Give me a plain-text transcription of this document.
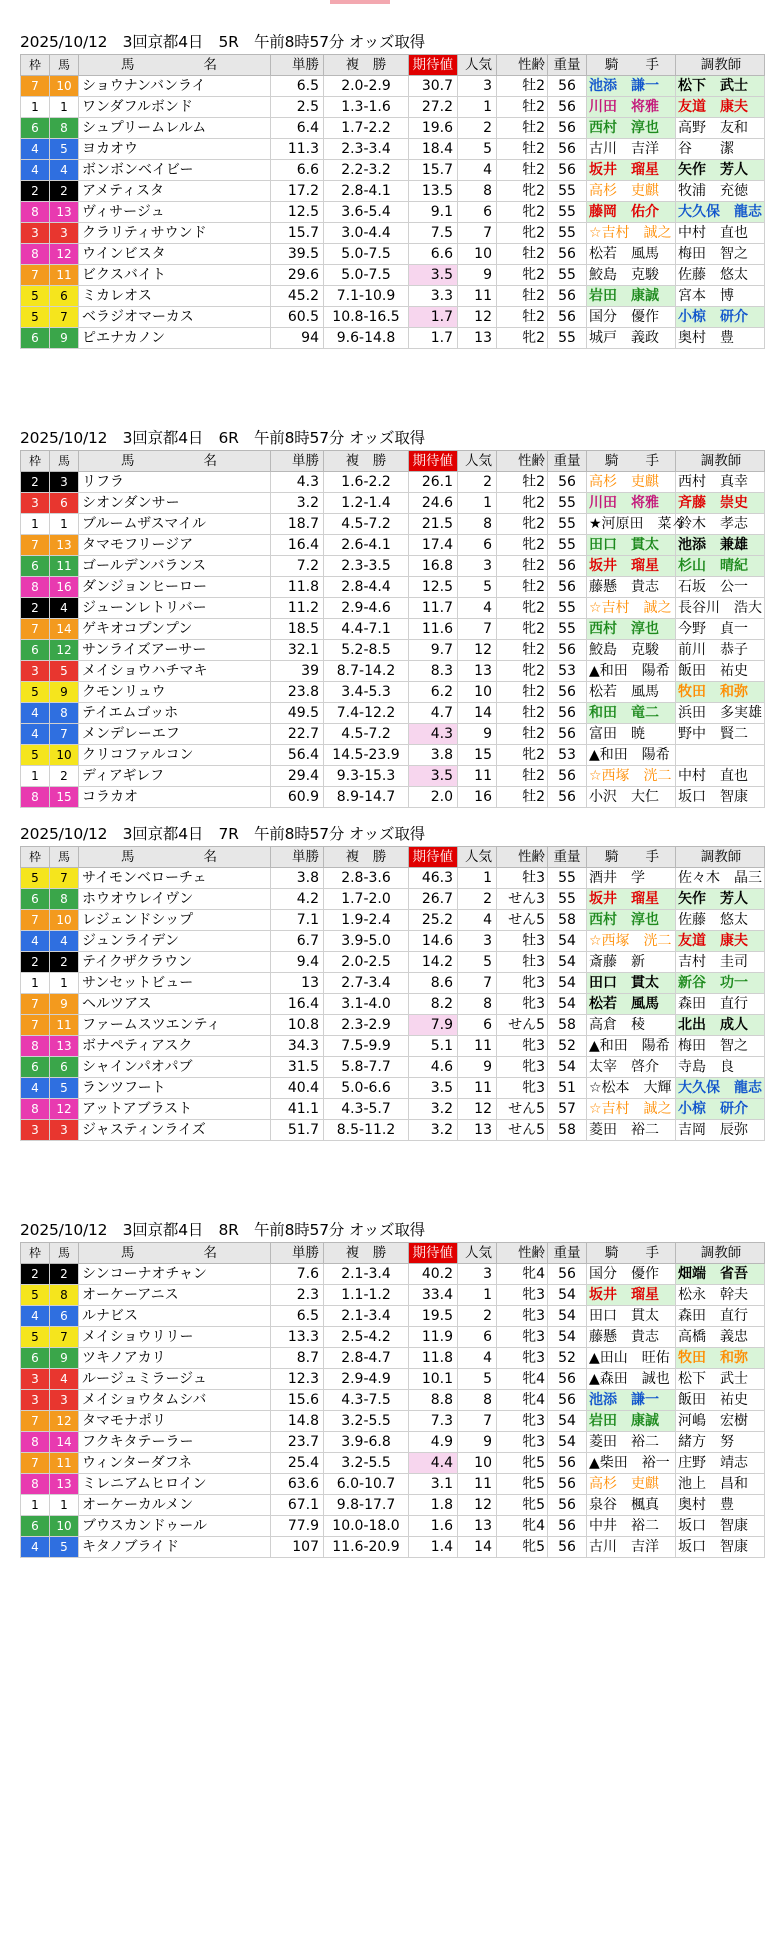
2025/10/12　3回京都4日　5R　午前8時57分 オッズ取得
枠	馬	馬　　名	単勝	複　勝	期待値	人気	性齢	重量	騎　　手	調教師
7	10	ショウナンバンライ	6.5	2.0-2.9	30.7	3	牡2	56	池添　謙一	松下　武士
1	1	ワンダフルボンド	2.5	1.3-1.6	27.2	1	牡2	56	川田　将雅	友道　康夫
6	8	シュプリームレルム	6.4	1.7-2.2	19.6	2	牡2	56	西村　淳也	高野　友和
4	5	ヨカオウ	11.3	2.3-3.4	18.4	5	牡2	56	古川　吉洋	谷　　潔
4	4	ボンボンベイビー	6.6	2.2-3.2	15.7	4	牡2	56	坂井　瑠星	矢作　芳人
2	2	アメティスタ	17.2	2.8-4.1	13.5	8	牝2	55	高杉　吏麒	牧浦　充徳
8	13	ヴィサージュ	12.5	3.6-5.4	9.1	6	牝2	55	藤岡　佑介	大久保　龍志
3	3	クラリティサウンド	15.7	3.0-4.4	7.5	7	牝2	55	☆吉村　誠之	中村　直也
8	12	ウインビスタ	39.5	5.0-7.5	6.6	10	牡2	56	松若　風馬	梅田　智之
7	11	ビクスバイト	29.6	5.0-7.5	3.5	9	牝2	55	鮫島　克駿	佐藤　悠太
5	6	ミカレオス	45.2	7.1-10.9	3.3	11	牡2	56	岩田　康誠	宮本　博
5	7	ベラジオマーカス	60.5	10.8-16.5	1.7	12	牡2	56	国分　優作	小椋　研介
6	9	ピエナカノン	94	9.6-14.8	1.7	13	牝2	55	城戸　義政	奥村　豊
2025/10/12　3回京都4日　6R　午前8時57分 オッズ取得
枠	馬	馬　　名	単勝	複　勝	期待値	人気	性齢	重量	騎　　手	調教師
2	3	リフラ	4.3	1.6-2.2	26.1	2	牡2	56	高杉　吏麒	西村　真幸
3	6	シオンダンサー	3.2	1.2-1.4	24.6	1	牝2	55	川田　将雅	斉藤　崇史
1	1	ブルームザスマイル	18.7	4.5-7.2	21.5	8	牝2	55	★河原田　菜々	鈴木　孝志
7	13	タマモフリージア	16.4	2.6-4.1	17.4	6	牝2	55	田口　貫太	池添　兼雄
6	11	ゴールデンバランス	7.2	2.3-3.5	16.8	3	牡2	56	坂井　瑠星	杉山　晴紀
8	16	ダンジョンヒーロー	11.8	2.8-4.4	12.5	5	牡2	56	藤懸　貴志	石坂　公一
2	4	ジューンレトリバー	11.2	2.9-4.6	11.7	4	牝2	55	☆吉村　誠之	長谷川　浩大
7	14	ゲキオコプンプン	18.5	4.4-7.1	11.6	7	牝2	55	西村　淳也	今野　貞一
6	12	サンライズアーサー	32.1	5.2-8.5	9.7	12	牡2	56	鮫島　克駿	前川　恭子
3	5	メイショウハチマキ	39	8.7-14.2	8.3	13	牝2	53	▲和田　陽希	飯田　祐史
5	9	クモンリュウ	23.8	3.4-5.3	6.2	10	牡2	56	松若　風馬	牧田　和弥
4	8	テイエムゴッホ	49.5	7.4-12.2	4.7	14	牡2	56	和田　竜二	浜田　多実雄
4	7	メンデレーエフ	22.7	4.5-7.2	4.3	9	牡2	56	富田　暁	野中　賢二
5	10	クリコファルコン	56.4	14.5-23.9	3.8	15	牝2	53	▲和田　陽希	
1	2	ディアギレフ	29.4	9.3-15.3	3.5	11	牡2	56	☆西塚　洸二	中村　直也
8	15	コラカオ	60.9	8.9-14.7	2.0	16	牡2	56	小沢　大仁	坂口　智康
2025/10/12　3回京都4日　7R　午前8時57分 オッズ取得
枠	馬	馬　　名	単勝	複　勝	期待値	人気	性齢	重量	騎　　手	調教師
5	7	サイモンベローチェ	3.8	2.8-3.6	46.3	1	牡3	55	酒井　学	佐々木　晶三
6	8	ホウオウレイヴン	4.2	1.7-2.0	26.7	2	せん3	55	坂井　瑠星	矢作　芳人
7	10	レジェンドシップ	7.1	1.9-2.4	25.2	4	せん5	58	西村　淳也	佐藤　悠太
4	4	ジュンライデン	6.7	3.9-5.0	14.6	3	牡3	54	☆西塚　洸二	友道　康夫
2	2	テイクザクラウン	9.4	2.0-2.5	14.2	5	牡3	54	斎藤　新	吉村　圭司
1	1	サンセットビュー	13	2.7-3.4	8.6	7	牝3	54	田口　貫太	新谷　功一
7	9	ヘルツアス	16.4	3.1-4.0	8.2	8	牝3	54	松若　風馬	森田　直行
7	11	ファームスツエンティ	10.8	2.3-2.9	7.9	6	せん5	58	高倉　稜	北出　成人
8	13	ボナペティアスク	34.3	7.5-9.9	5.1	11	牝3	52	▲和田　陽希	梅田　智之
6	6	シャインパオパブ	31.5	5.8-7.7	4.6	9	牝3	54	太宰　啓介	寺島　良
4	5	ランツフート	40.4	5.0-6.6	3.5	11	牝3	51	☆松本　大輝	大久保　龍志
8	12	アットアブラスト	41.1	4.3-5.7	3.2	12	せん5	57	☆吉村　誠之	小椋　研介
3	3	ジャスティンライズ	51.7	8.5-11.2	3.2	13	せん5	58	菱田　裕二	吉岡　辰弥
2025/10/12　3回京都4日　8R　午前8時57分 オッズ取得
枠	馬	馬　　名	単勝	複　勝	期待値	人気	性齢	重量	騎　　手	調教師
2	2	シンコーナオチャン	7.6	2.1-3.4	40.2	3	牝4	56	国分　優作	畑端　省吾
5	8	オーケーアニス	2.3	1.1-1.2	33.4	1	牝3	54	坂井　瑠星	松永　幹夫
4	6	ルナビス	6.5	2.1-3.4	19.5	2	牝3	54	田口　貫太	森田　直行
5	7	メイショウリリー	13.3	2.5-4.2	11.9	6	牝3	54	藤懸　貴志	高橋　義忠
6	9	ツキノアカリ	8.7	2.8-4.7	11.8	4	牝3	52	▲田山　旺佑	牧田　和弥
3	4	ルージュミラージュ	12.3	2.9-4.9	10.1	5	牝4	56	▲森田　誠也	松下　武士
3	3	メイショウタムシバ	15.6	4.3-7.5	8.8	8	牝4	56	池添　謙一	飯田　祐史
7	12	タマモナポリ	14.8	3.2-5.5	7.3	7	牝3	54	岩田　康誠	河嶋　宏樹
8	14	フクキタテーラー	23.7	3.9-6.8	4.9	9	牝3	54	菱田　裕二	緒方　努
7	11	ウィンターダフネ	25.4	3.2-5.5	4.4	10	牝5	56	▲柴田　裕一	庄野　靖志
8	13	ミレニアムヒロイン	63.6	6.0-10.7	3.1	11	牝5	56	高杉　吏麒	池上　昌和
1	1	オーケーカルメン	67.1	9.8-17.7	1.8	12	牝5	56	泉谷　楓真	奥村　豊
6	10	ブウスカンドゥール	77.9	10.0-18.0	1.6	13	牝4	56	中井　裕二	坂口　智康
4	5	キタノブライド	107	11.6-20.9	1.4	14	牝5	56	古川　吉洋	坂口　智康
